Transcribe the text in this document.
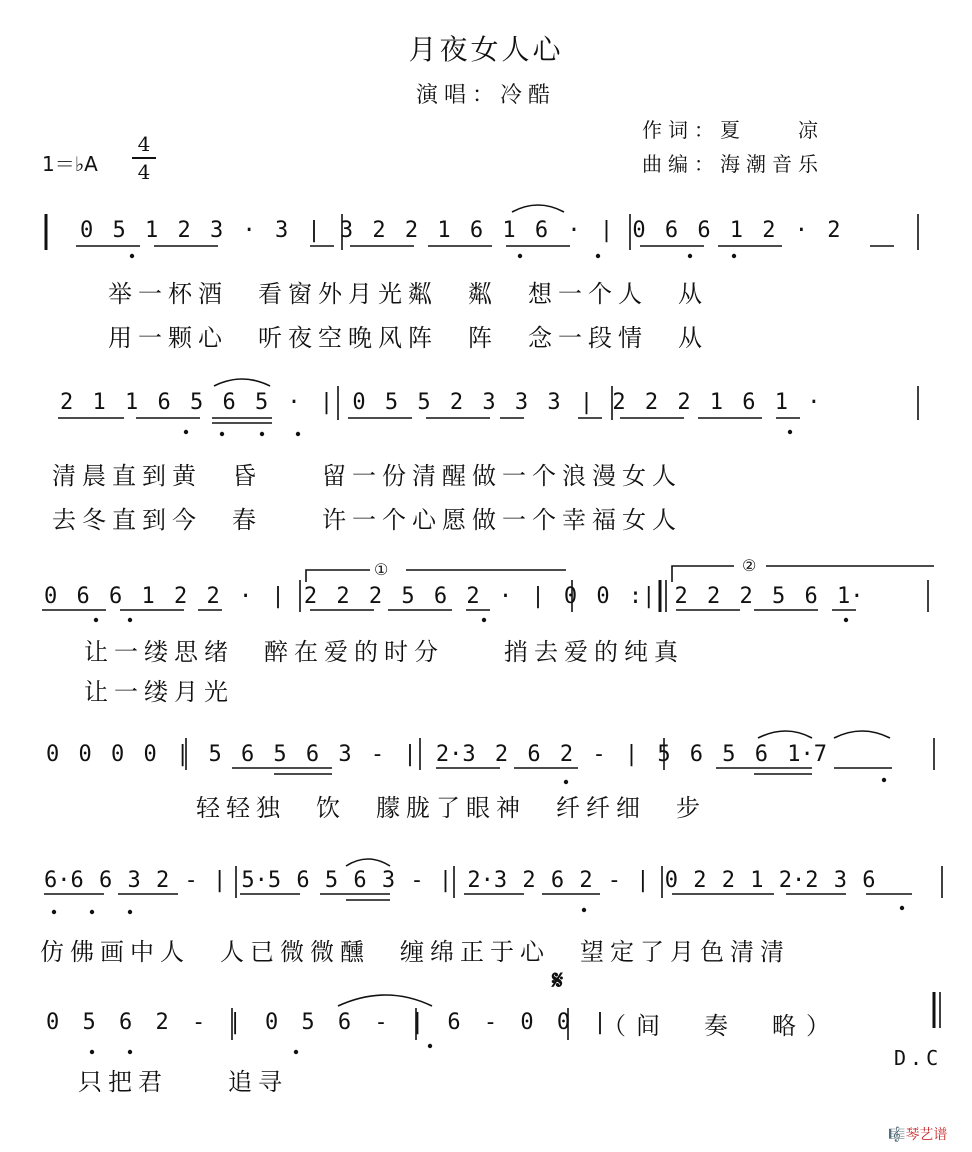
月夜女人心
演唱：冷酷
作词：夏　　凉
曲编：海潮音乐
1＝♭A
4
4
0 5 1 2 3 · 3 | 3 2 2 1 6 1 6 · | 0 6 6 1 2 · 2
举一杯酒　看窗外月光粼　粼　想一个人　从
用一颗心　听夜空晚风阵　阵　念一段情　从
2 1 1 6 5 6 5 · | 0 5 5 2 3 3 3 | 2 2 2 1 6 1 ·
清晨直到黄　昏　　留一份清醒做一个浪漫女人
去冬直到今　春　　许一个心愿做一个幸福女人
0 6 6 1 2 2 · | 2 2 2 5 6 2 · | 0 0 :| 2 2 2 5 6 1·
①	②
让一缕思绪　醉在爱的时分　　捎去爱的纯真
让一缕月光
0 0 0 0 | 5 6 5 6 3 - | 2·3 2 6 2 - | 5 6 5 6 1·7
轻轻独　饮　朦胧了眼神　纤纤细　步
6·6 6 3 2 - | 5·5 6 5 6 3 - | 2·3 2 6 2 - | 0 2 2 1 2·2 3 6
仿佛画中人　人已微微醺　缠绵正于心　望定了月色清清
𝄋
0 5 6 2 - | 0 5 6 - | 6 - 0 0 |
（间　奏　略）
只把君　　追寻
D.C
🎼琴艺谱
